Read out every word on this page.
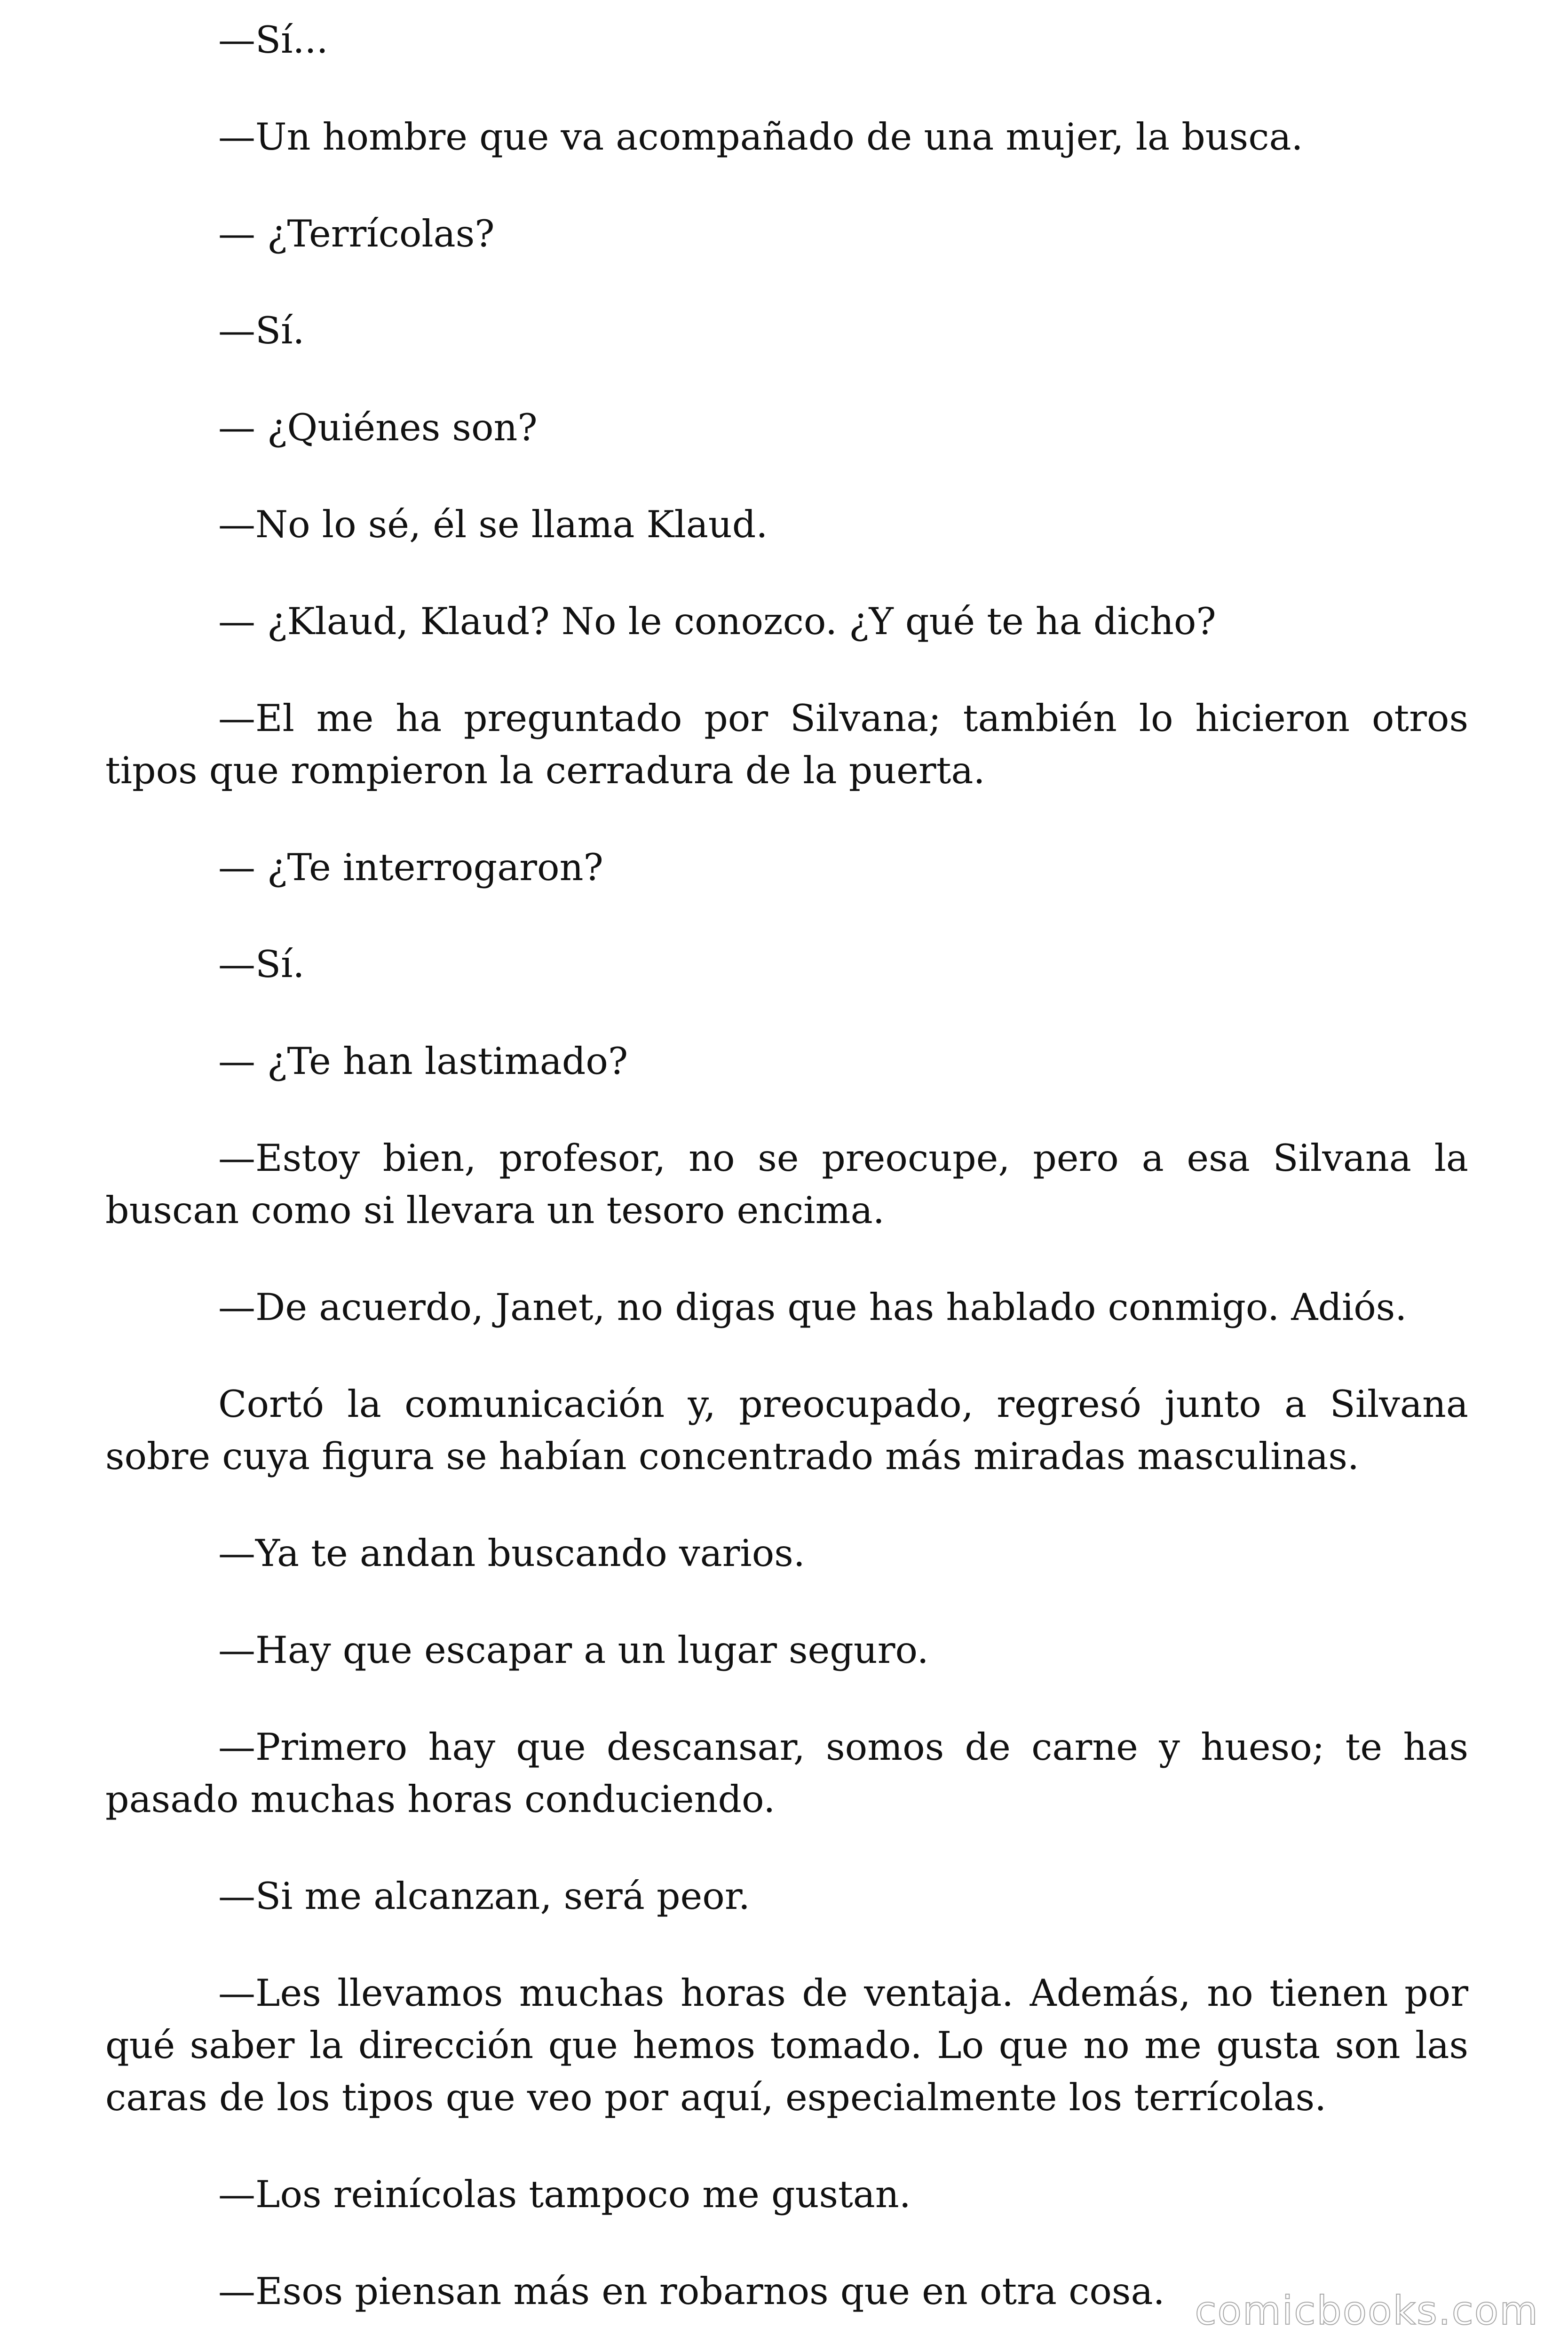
—Sí...

—Un hombre que va acompañado de una mujer, la busca.

— ¿Terrícolas?

—Sí.

— ¿Quiénes son?

—No lo sé, él se llama Klaud.

— ¿Klaud, Klaud? No le conozco. ¿Y qué te ha dicho?

—El me ha preguntado por Silvana; también lo hicieron otros tipos que rompieron la cerradura de la puerta.

— ¿Te interrogaron?

—Sí.

— ¿Te han lastimado?

—Estoy bien, profesor, no se preocupe, pero a esa Silvana la buscan como si llevara un tesoro encima.

—De acuerdo, Janet, no digas que has hablado conmigo. Adiós.

Cortó la comunicación y, preocupado, regresó junto a Silvana sobre cuya figura se habían concentrado más miradas masculinas.

—Ya te andan buscando varios.

—Hay que escapar a un lugar seguro.

—Primero hay que descansar, somos de carne y hueso; te has pasado muchas horas conduciendo.

—Si me alcanzan, será peor.

—Les llevamos muchas horas de ventaja. Además, no tienen por qué saber la dirección que hemos tomado. Lo que no me gusta son las caras de los tipos que veo por aquí, especialmente los terrícolas.

—Los reinícolas tampoco me gustan.

—Esos piensan más en robarnos que en otra cosa. comicbooks.com
